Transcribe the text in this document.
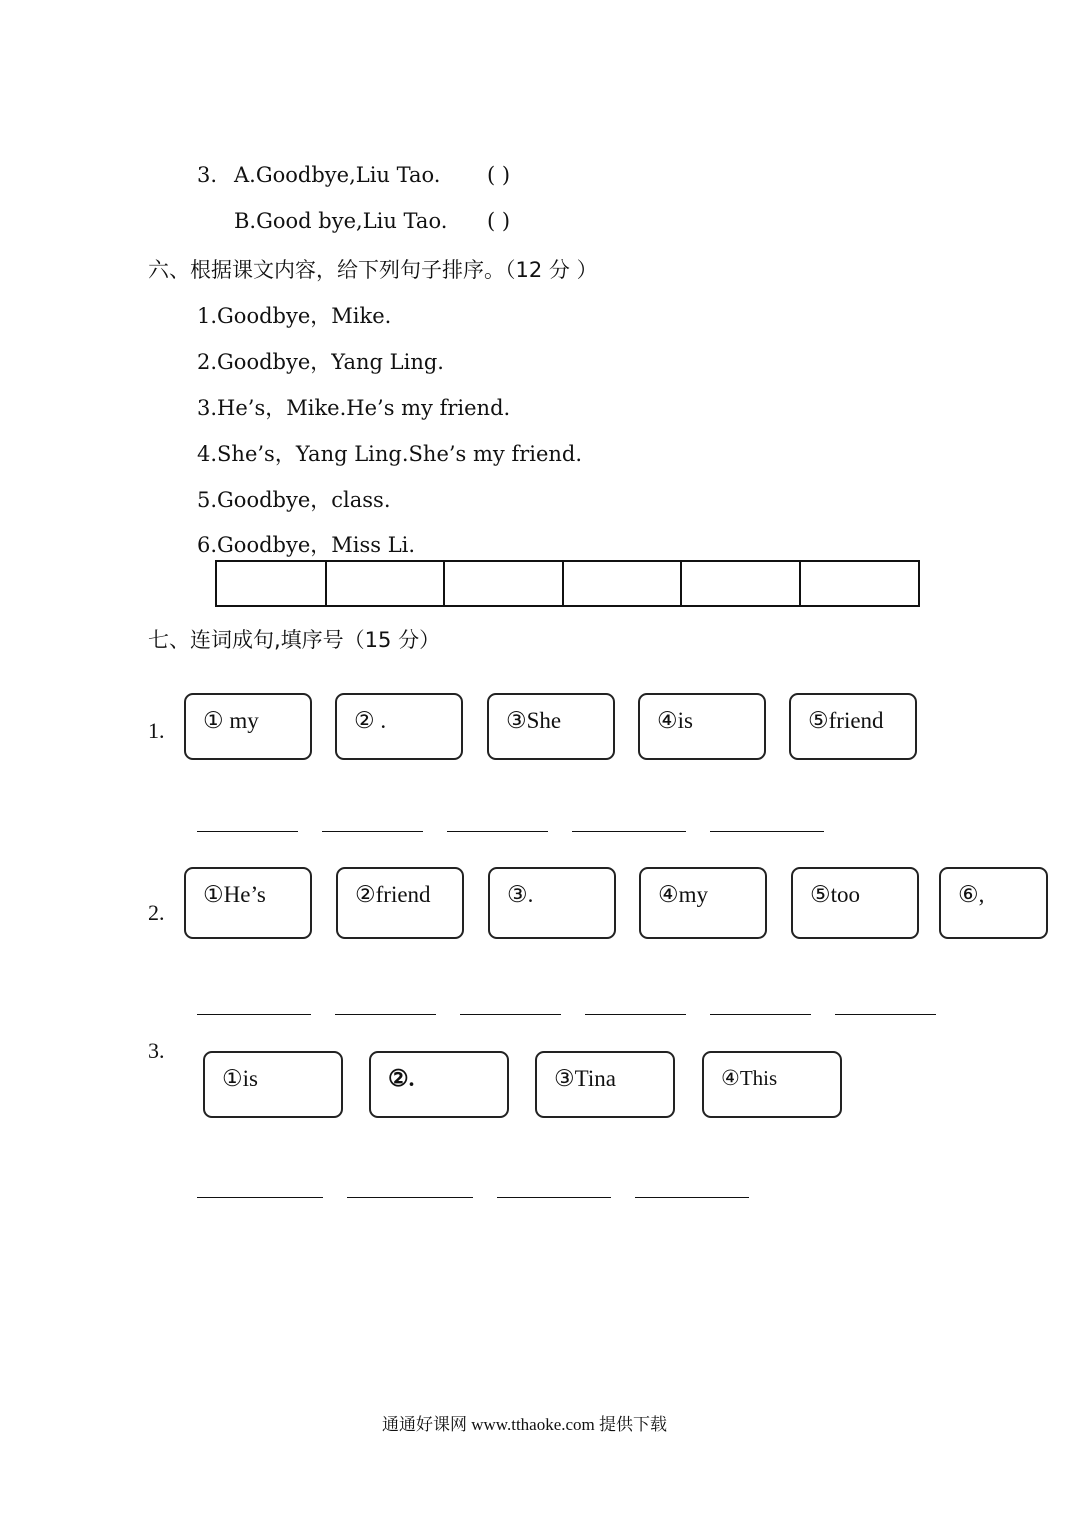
3. A.Goodbye,Liu Tao. ( )
B.Good bye,Liu Tao. ( )
六、根据课文内容，给下列句子排序。（12 分 ）
1.Goodbye，Mike.
2.Goodbye，Yang Ling.
3.He’s，Mike.He’s my friend.
4.She’s，Yang Ling.She’s my friend.
5.Goodbye，class.
6.Goodbye，Miss Li.

七、连词成句,填序号（15 分）
1.	① my	② .	③She	④is	⑤friend
2.
①He’s	②friend	③.	④my	⑤too	⑥,
3.
①is	②.	③Tina	④This
通通好课网 www.tthaoke.com 提供下载
